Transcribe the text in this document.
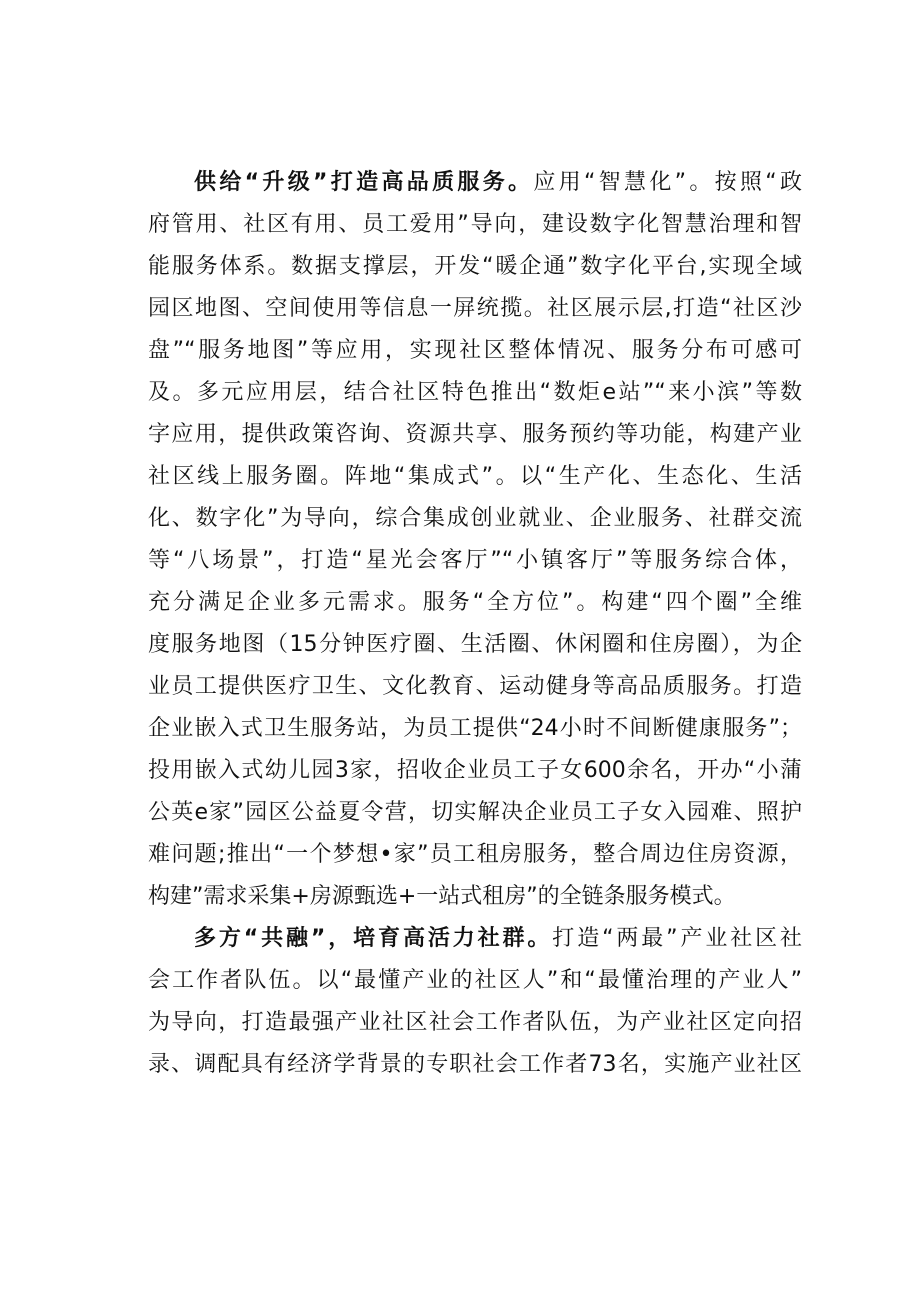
供给“升级”打造高品质服务。应用“智慧化”。按照“政
府管用、社区有用、员工爱用”导向，建设数字化智慧治理和智
能服务体系。数据支撑层，开发“暖企通”数字化平台,实现全域
园区地图、空间使用等信息一屏统揽。社区展示层,打造“社区沙
盘”“服务地图”等应用，实现社区整体情况、服务分布可感可
及。多元应用层，结合社区特色推出“数炬e站”“来小滨”等数
字应用，提供政策咨询、资源共享、服务预约等功能，构建产业
社区线上服务圈。阵地“集成式”。以“生产化、生态化、生活
化、数字化”为导向，综合集成创业就业、企业服务、社群交流
等“八场景”，打造“星光会客厅”“小镇客厅”等服务综合体，
充分满足企业多元需求。服务“全方位”。构建“四个圈”全维
度服务地图（15分钟医疗圈、生活圈、休闲圈和住房圈），为企
业员工提供医疗卫生、文化教育、运动健身等高品质服务。打造
企业嵌入式卫生服务站，为员工提供“24小时不间断健康服务”；
投用嵌入式幼儿园3家，招收企业员工子女600余名，开办“小蒲
公英e家”园区公益夏令营，切实解决企业员工子女入园难、照护
难问题;推出“一个梦想•家”员工租房服务，整合周边住房资源，
构建”需求采集+房源甄选+一站式租房”的全链条服务模式。
多方“共融”，培育高活力社群。打造“两最”产业社区社
会工作者队伍。以“最懂产业的社区人”和“最懂治理的产业人”
为导向，打造最强产业社区社会工作者队伍，为产业社区定向招
录、调配具有经济学背景的专职社会工作者73名，实施产业社区
